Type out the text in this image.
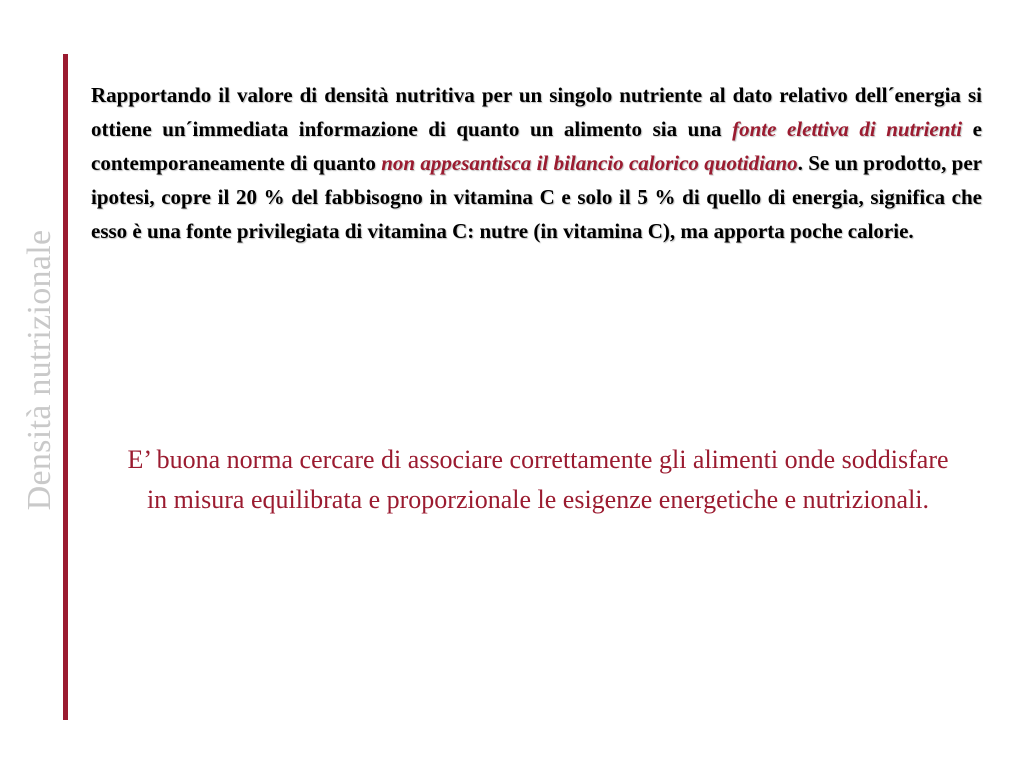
Densità nutrizionale
Rapportando il valore di densità nutritiva per un singolo nutriente al dato relativo dell´energia si ottiene un´immediata informazione di quanto un alimento sia una fonte elettiva di nutrienti e contemporaneamente di quanto non appesantisca il bilancio calorico quotidiano. Se un prodotto, per ipotesi, copre il 20 % del fabbisogno in vitamina C e solo il 5 % di quello di energia, significa che esso è una fonte privilegiata di vitamina C: nutre (in vitamina C), ma apporta poche calorie.
E’ buona norma cercare di associare correttamente gli alimenti onde soddisfare in misura equilibrata e proporzionale le esigenze energetiche e nutrizionali.
